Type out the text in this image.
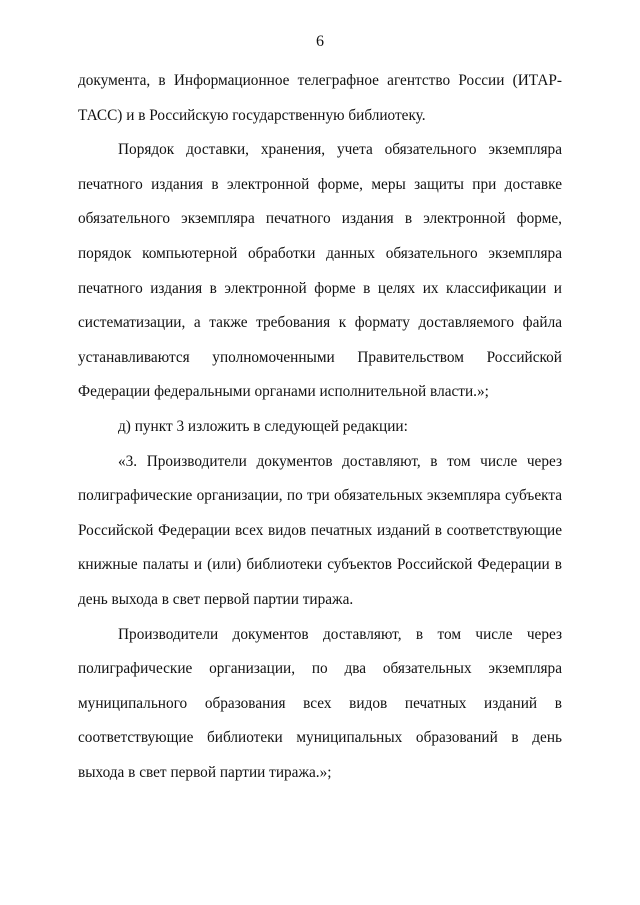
6

документа, в Информационное телеграфное агентство России (ИТАР-ТАСС) и в Российскую государственную библиотеку.

Порядок доставки, хранения, учета обязательного экземпляра печатного издания в электронной форме, меры защиты при доставке обязательного экземпляра печатного издания в электронной форме, порядок компьютерной обработки данных обязательного экземпляра печатного издания в электронной форме в целях их классификации и систематизации, а также требования к формату доставляемого файла устанавливаются уполномоченными Правительством Российской Федерации федеральными органами исполнительной власти.»;

д) пункт 3 изложить в следующей редакции:

«3. Производители документов доставляют, в том числе через полиграфические организации, по три обязательных экземпляра субъекта Российской Федерации всех видов печатных изданий в соответствующие книжные палаты и (или) библиотеки субъектов Российской Федерации в день выхода в свет первой партии тиража.

Производители документов доставляют, в том числе через полиграфические организации, по два обязательных экземпляра муниципального образования всех видов печатных изданий в соответствующие библиотеки муниципальных образований в день выхода в свет первой партии тиража.»;
